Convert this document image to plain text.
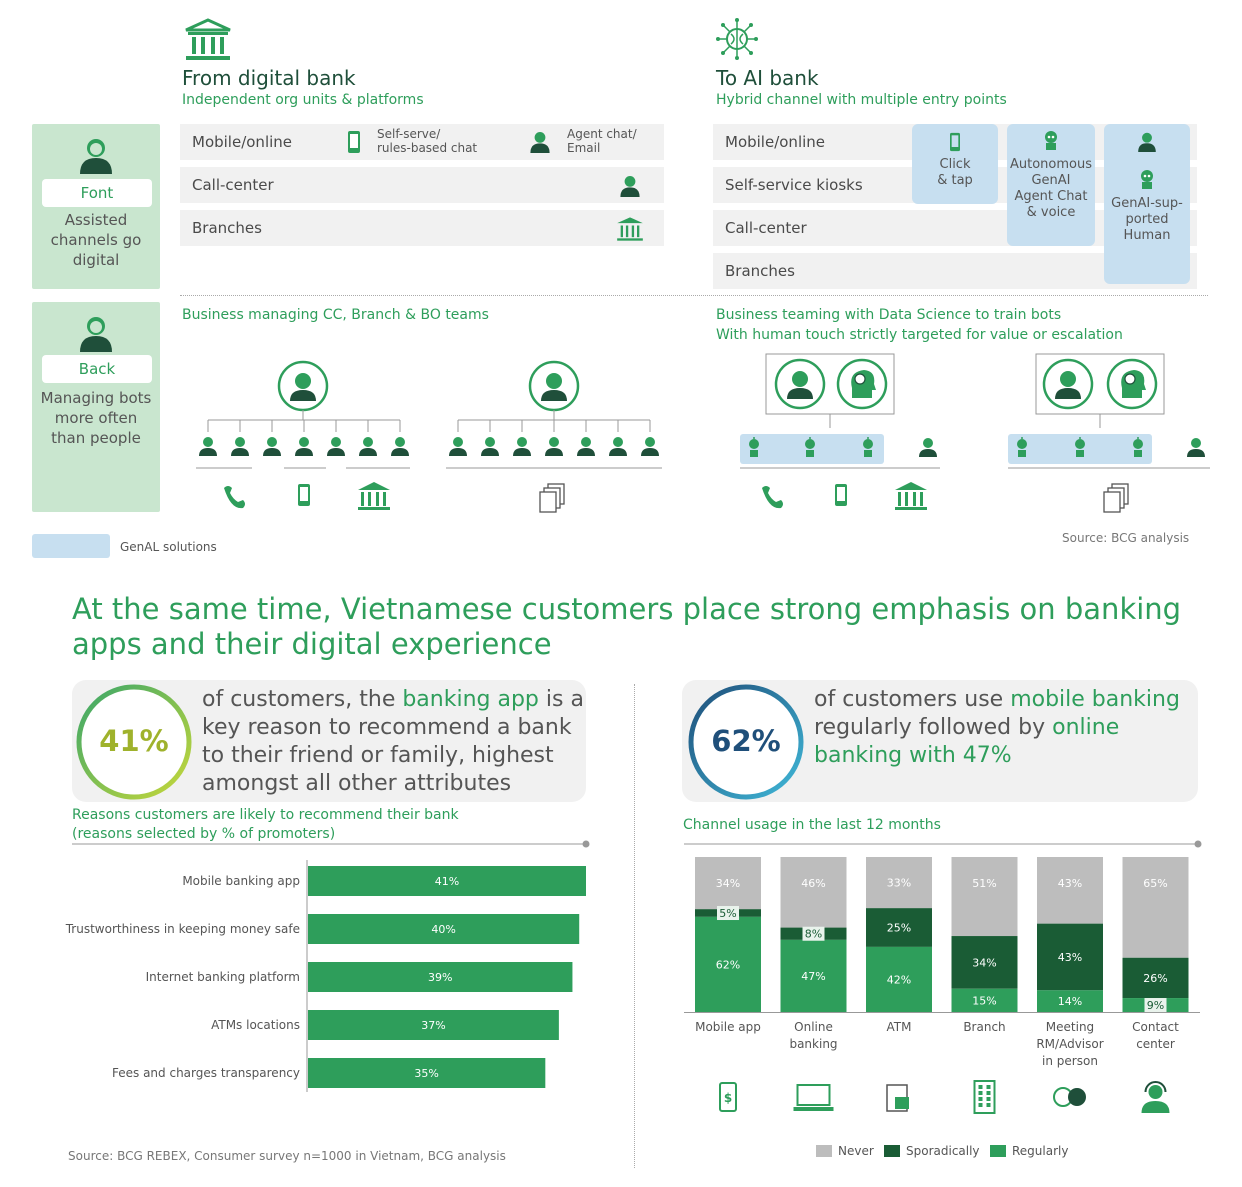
From digital bank
Independent org units & platforms
To AI bank
Hybrid channel with multiple entry points
Font
Assisted
channels go
digital
Back
Managing bots
more often
than people
Mobile/online
Call-center
Branches
Self-serve/
rules-based chat
Agent chat/
Email	Mobile/online
Self-service kiosks
Call-center
Branches
Click
& tap
Autonomous
GenAI
Agent Chat
& voice
GenAI-sup-
ported
Human
Business managing CC, Branch & BO teams	Business teaming with Data Science to train bots
With human touch strictly targeted for value or escalation
GenAL solutions
Source: BCG analysis
At the same time, Vietnamese customers place strong emphasis on banking
apps and their digital experience
41%
of customers, the banking app is a
key reason to recommend a bank
to their friend or family, highest
amongst all other attributes
62%
of customers use mobile banking
regularly followed by online
banking with 47%
Reasons customers are likely to recommend their bank
(reasons selected by % of promoters)
41%
Mobile banking app
40%
Trustworthiness in keeping money safe
39%
Internet banking platform
37%
ATMs locations
35%
Fees and charges transparency
Channel usage in the last 12 months
34%
5%
62%
Mobile app
46%
8%
47%
Online
banking
33%
25%
42%
ATM
51%
34%
15%
Branch
43%
43%
14%
Meeting
RM/Advisor
in person
65%
26%
9%
Contact
center
$
Never	Sporadically	Regularly
Source: BCG REBEX, Consumer survey n=1000 in Vietnam, BCG analysis
